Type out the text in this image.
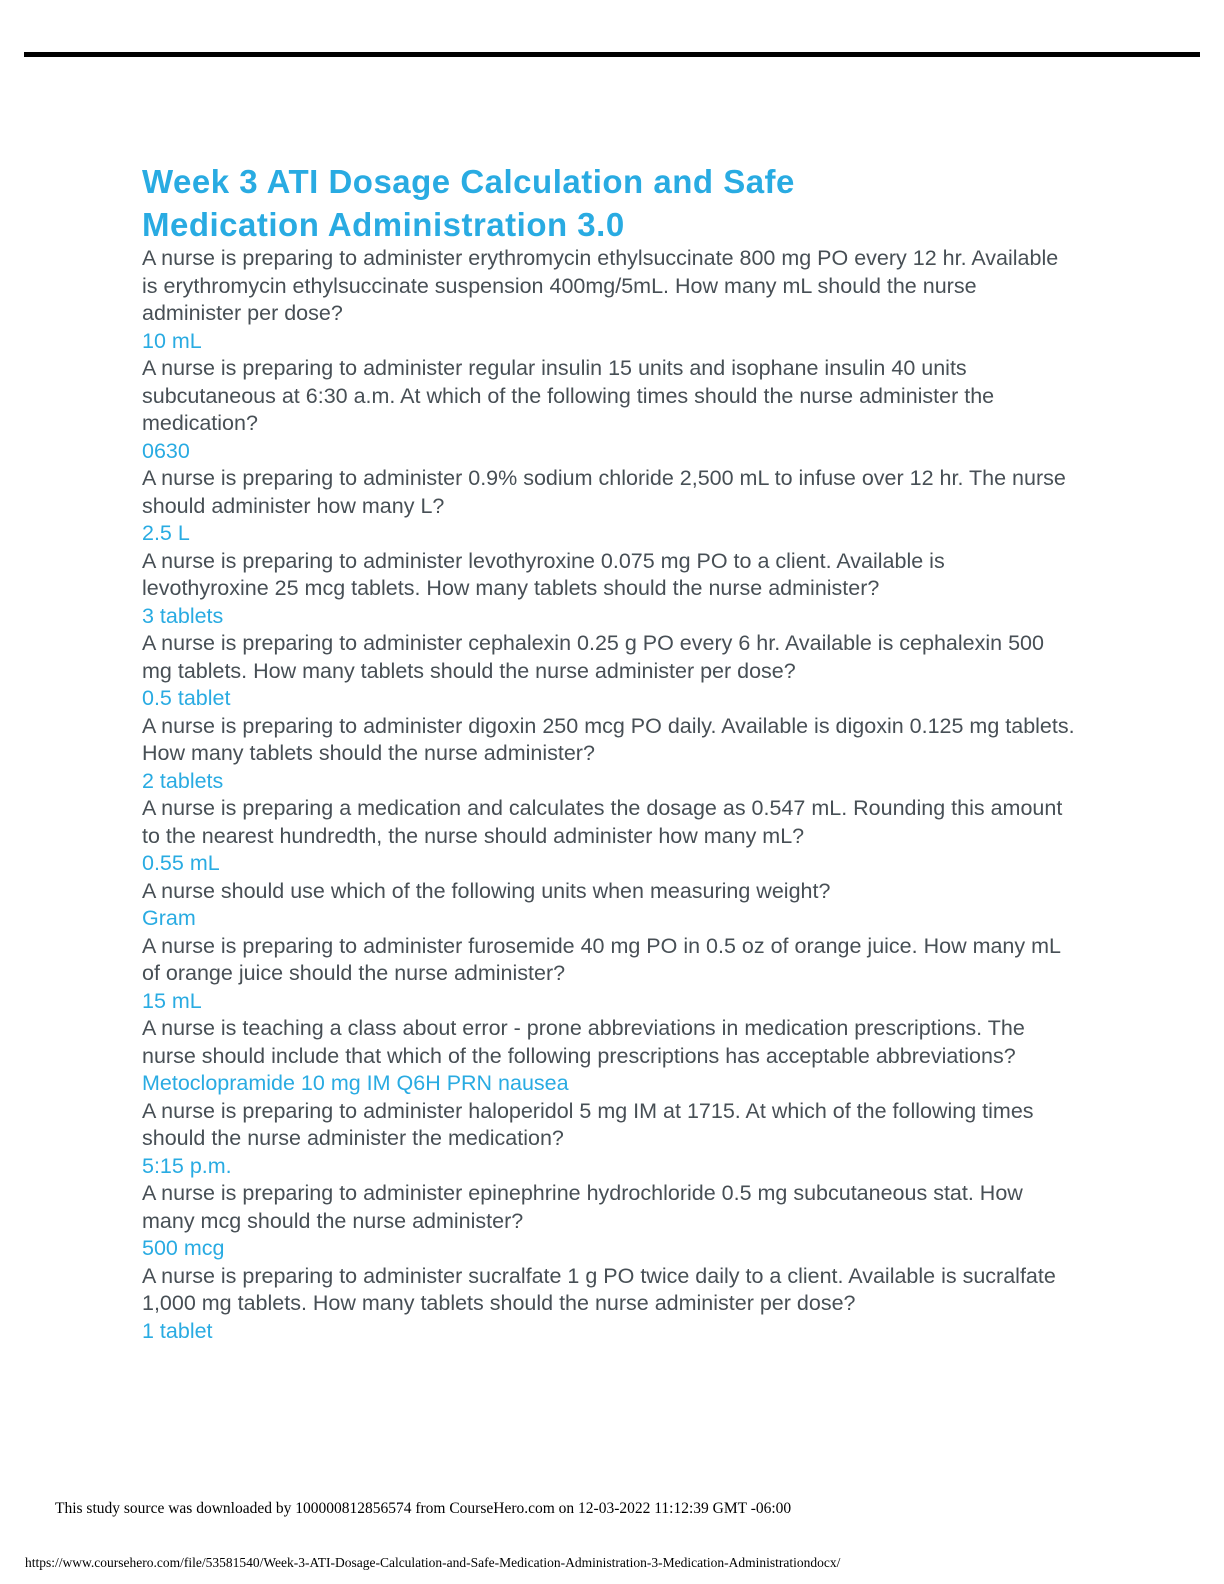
Week 3 ATI Dosage Calculation and Safe Medication Administration 3.0

A nurse is preparing to administer erythromycin ethylsuccinate 800 mg PO every 12 hr. Available is erythromycin ethylsuccinate suspension 400mg/5mL. How many mL should the nurse administer per dose?

10 mL

A nurse is preparing to administer regular insulin 15 units and isophane insulin 40 units subcutaneous at 6:30 a.m. At which of the following times should the nurse administer the medication?

0630

A nurse is preparing to administer 0.9% sodium chloride 2,500 mL to infuse over 12 hr. The nurse should administer how many L?

2.5 L

A nurse is preparing to administer levothyroxine 0.075 mg PO to a client. Available is levothyroxine 25 mcg tablets. How many tablets should the nurse administer?

3 tablets

A nurse is preparing to administer cephalexin 0.25 g PO every 6 hr. Available is cephalexin 500 mg tablets. How many tablets should the nurse administer per dose?

0.5 tablet

A nurse is preparing to administer digoxin 250 mcg PO daily. Available is digoxin 0.125 mg tablets. How many tablets should the nurse administer?

2 tablets

A nurse is preparing a medication and calculates the dosage as 0.547 mL. Rounding this amount to the nearest hundredth, the nurse should administer how many mL?

0.55 mL

A nurse should use which of the following units when measuring weight?

Gram

A nurse is preparing to administer furosemide 40 mg PO in 0.5 oz of orange juice. How many mL of orange juice should the nurse administer?

15 mL

A nurse is teaching a class about error - prone abbreviations in medication prescriptions. The nurse should include that which of the following prescriptions has acceptable abbreviations?

Metoclopramide 10 mg IM Q6H PRN nausea

A nurse is preparing to administer haloperidol 5 mg IM at 1715. At which of the following times should the nurse administer the medication?

5:15 p.m.

A nurse is preparing to administer epinephrine hydrochloride 0.5 mg subcutaneous stat. How many mcg should the nurse administer?

500 mcg

A nurse is preparing to administer sucralfate 1 g PO twice daily to a client. Available is sucralfate 1,000 mg tablets. How many tablets should the nurse administer per dose?

1 tablet

This study source was downloaded by 100000812856574 from CourseHero.com on 12-03-2022 11:12:39 GMT -06:00
https://www.coursehero.com/file/53581540/Week-3-ATI-Dosage-Calculation-and-Safe-Medication-Administration-3-Medication-Administrationdocx/
